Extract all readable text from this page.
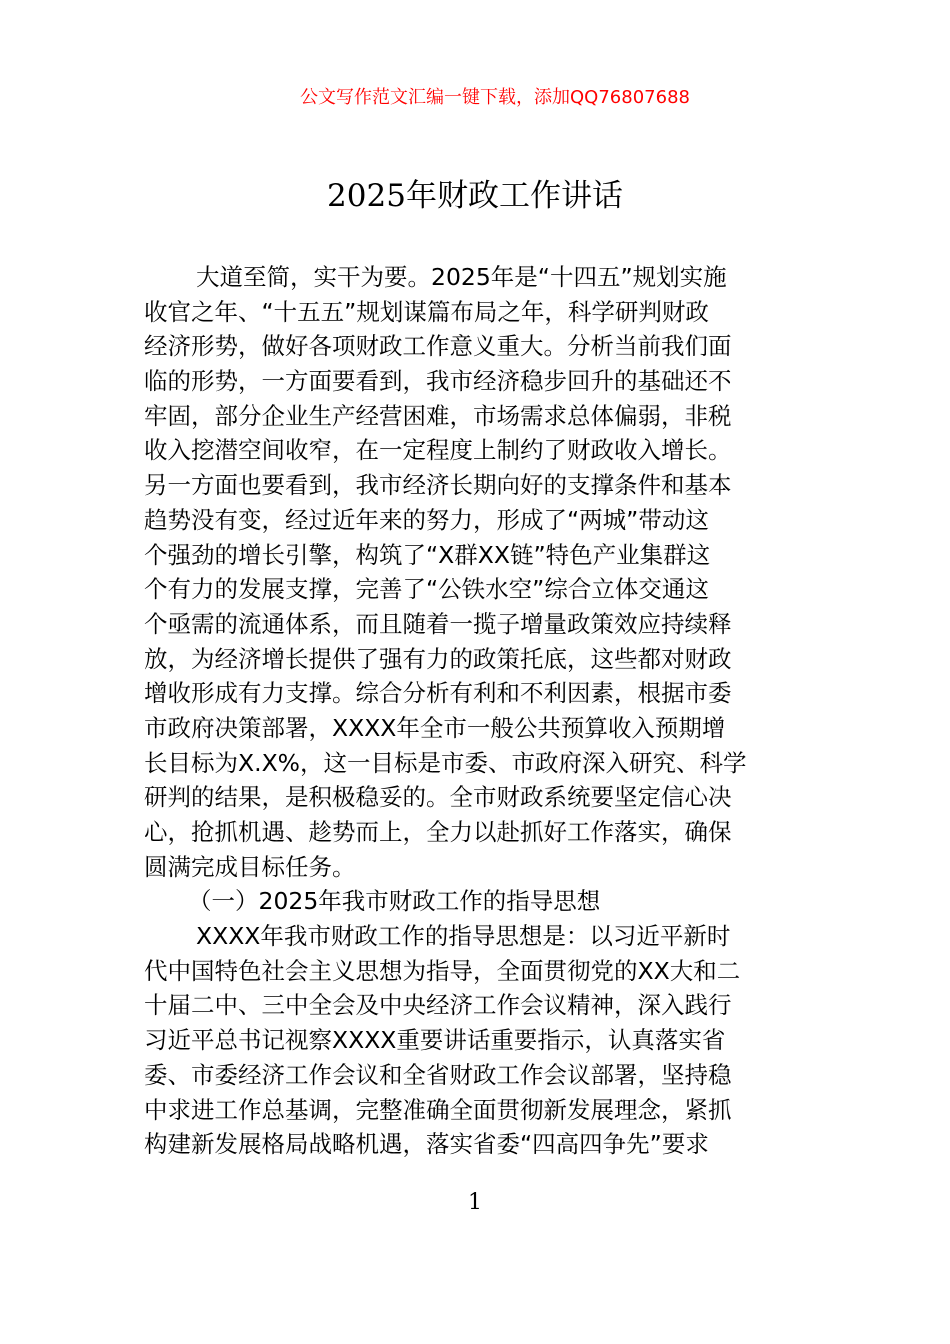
公文写作范文汇编一键下载，添加QQ76807688
2025年财政工作讲话
大道至简，实干为要。2025年是“十四五”规划实施
收官之年、“十五五”规划谋篇布局之年，科学研判财政
经济形势，做好各项财政工作意义重大。分析当前我们面
临的形势，一方面要看到，我市经济稳步回升的基础还不
牢固，部分企业生产经营困难，市场需求总体偏弱，非税
收入挖潜空间收窄，在一定程度上制约了财政收入增长。
另一方面也要看到，我市经济长期向好的支撑条件和基本
趋势没有变，经过近年来的努力，形成了“两城”带动这
个强劲的增长引擎，构筑了“X群XX链”特色产业集群这
个有力的发展支撑，完善了“公铁水空”综合立体交通这
个亟需的流通体系，而且随着一揽子增量政策效应持续释
放，为经济增长提供了强有力的政策托底，这些都对财政
增收形成有力支撑。综合分析有利和不利因素，根据市委
市政府决策部署，XXXX年全市一般公共预算收入预期增
长目标为X.X%，这一目标是市委、市政府深入研究、科学
研判的结果，是积极稳妥的。全市财政系统要坚定信心决
心，抢抓机遇、趁势而上，全力以赴抓好工作落实，确保
圆满完成目标任务。
（一）2025年我市财政工作的指导思想
XXXX年我市财政工作的指导思想是：以习近平新时
代中国特色社会主义思想为指导，全面贯彻党的XX大和二
十届二中、三中全会及中央经济工作会议精神，深入践行
习近平总书记视察XXXX重要讲话重要指示，认真落实省
委、市委经济工作会议和全省财政工作会议部署，坚持稳
中求进工作总基调，完整准确全面贯彻新发展理念，紧抓
构建新发展格局战略机遇，落实省委“四高四争先”要求
1
